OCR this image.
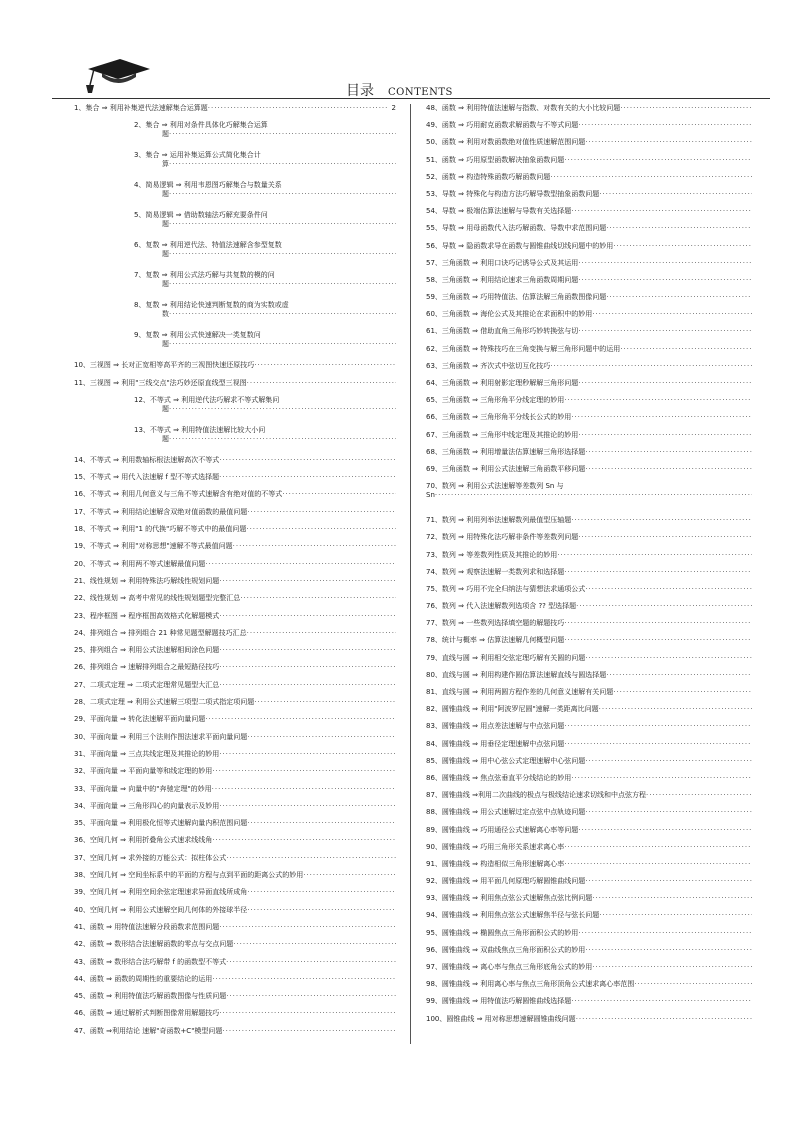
目录 CONTENTS
1、集合 ⇒ 利用补集逆代法速解集合运算题
·····	2
2、集合 ⇒ 利用对条件具体化巧解集合运算
题
·····
3、集合 ⇒ 运用补集运算公式简化集合计
算
·····
4、简易逻辑 ⇒ 利用韦恩图巧解集合与数量关系
题
·····
5、简易逻辑 ⇒ 借助数轴法巧解充要条件问
题
·····
6、复数 ⇒ 利用逆代法、特值法速解含参型复数
题
·····
7、复数 ⇒ 利用公式法巧解与共复数的模的问
题
·····
8、复数 ⇒ 利用结论快速判断复数的商为实数或虚
数
·····
9、复数 ⇒ 利用公式快速解决一类复数问
题
·····
10、三视图 ⇒ 长对正宽相等高平齐的三视图快速还原技巧
·····
11、三视图 ⇒ 利用"三线交点"法巧妙还原直线型三视图
·····
12、不等式 ⇒ 利用逆代法巧解求不等式解集问
题
·····
13、不等式 ⇒ 利用特值法速解比较大小问
题
·····
14、不等式 ⇒ 利用数轴标根法速解高次不等式
·····
15、不等式 ⇒ 用代入法速解 f 型不等式选择题
·····
16、不等式 ⇒ 利用几何意义与三角不等式速解含有绝对值的不等式
·····
17、不等式 ⇒ 利用结论速解含双绝对值函数的最值问题
·····
18、不等式 ⇒ 利用"1 的代换"巧解不等式中的最值问题
·····
19、不等式 ⇒ 利用"对称思想"速解不等式最值问题
·····
20、不等式 ⇒ 利用两不等式速解最值问题
·····
21、线性规划 ⇒ 利用特殊法巧解线性规划问题
·····
22、线性规划 ⇒ 高考中常见的线性规划题型完整汇总
·····
23、程序框图 ⇒ 程序框图高效格式化解题模式
·····
24、排列组合 ⇒ 排列组合 21 种常见题型解题技巧汇总
·····
25、排列组合 ⇒ 利用公式法速解相间涂色问题
·····
26、排列组合 ⇒ 速解排列组合之最短路径技巧
·····
27、二项式定理 ⇒ 二项式定理常见题型大汇总
·····
28、二项式定理 ⇒ 利用公式速解三项型二项式指定项问题
·····
29、平面向量 ⇒ 转化法速解平面向量问题
·····
30、平面向量 ⇒ 利用三个法则作图法速求平面向量问题
·····
31、平面向量 ⇒ 三点共线定理及其推论的妙用
·····
32、平面向量 ⇒ 平面向量等和线定理的妙用
·····
33、平面向量 ⇒ 向量中的"奔驰定理"的妙用
·····
34、平面向量 ⇒ 三角形四心的向量表示及妙用
·····
35、平面向量 ⇒ 利用极化恒等式速解向量内积范围问题
·····
36、空间几何 ⇒ 利用折叠角公式速求线线角
·····
37、空间几何 ⇒ 求外接的万能公式：拟柱体公式
·····
38、空间几何 ⇒ 空间坐标系中的平面的方程与点到平面的距离公式的妙用
·····
39、空间几何 ⇒ 利用空间余弦定理速求异面直线所成角
·····
40、空间几何 ⇒ 利用公式速解空间几何体的外接球半径
·····
41、函数 ⇒ 用特值法速解分段函数求范围问题
·····
42、函数 ⇒ 数形结合法速解函数的零点与交点问题
·····
43、函数 ⇒ 数形结合法巧解带 f 的函数型不等式
·····
44、函数 ⇒ 函数的周期性的重要结论的运用
·····
45、函数 ⇒ 利用特值法巧解函数图像与性质问题
·····
46、函数 ⇒ 通过解析式判断图像常用解题技巧
·····
47、函数 ⇒利用结论 速解"奇函数+C"模型问题
·····
48、函数 ⇒ 利用特值法速解与指数、对数有关的大小比较问题
·····
49、函数 ⇒ 巧用耐克函数求解函数与不等式问题
·····
50、函数 ⇒ 利用对数函数绝对值性质速解范围问题
·····
51、函数 ⇒ 巧用原型函数解决抽象函数问题
·····
52、函数 ⇒ 构造特殊函数巧解函数问题
·····
53、导数 ⇒ 特殊化与构造方法巧解导数型抽象函数问题
·····
54、导数 ⇒ 极端估算法速解与导数有关选择题
·····
55、导数 ⇒ 用母函数代入法巧解函数、导数中求范围问题
·····
56、导数 ⇒ 隐函数求导在函数与圆锥曲线切线问题中的妙用
·····
57、三角函数 ⇒ 利用口诀巧记诱导公式及其运用
·····
58、三角函数 ⇒ 利用结论速求三角函数周期问题
·····
59、三角函数 ⇒ 巧用特值法、估算法解三角函数图像问题
·····
60、三角函数 ⇒ 海伦公式及其推论在求面积中的妙用
·····
61、三角函数 ⇒ 借助直角三角形巧妙转换弦与切
·····
62、三角函数 ⇒ 特殊技巧在三角变换与解三角形问题中的运用
·····
63、三角函数 ⇒ 齐次式中弦切互化技巧
·····
64、三角函数 ⇒ 利用射影定理秒解解三角形问题
·····
65、三角函数 ⇒ 三角形角平分线定理的妙用
·····
66、三角函数 ⇒ 三角形角平分线长公式的妙用
·····
67、三角函数 ⇒ 三角形中线定理及其推论的妙用
·····
68、三角函数 ⇒ 利用增量法估算速解三角形选择题
·····
69、三角函数 ⇒ 利用公式法速解三角函数平移问题
·····
70、数列 ⇒ 利用公式法速解等差数列 Sn 与
Sn
·····
71、数列 ⇒ 利用列举法速解数列最值型压轴题
·····
72、数列 ⇒ 用特殊化法巧解非条件等差数列问题
·····
73、数列 ⇒ 等差数列性质及其推论的妙用
·····
74、数列 ⇒ 观察法速解一类数列求和选择题
·····
75、数列 ⇒ 巧用不完全归纳法与猜想法求通项公式
·····
76、数列 ⇒ 代入法速解数列选项含 ?? 型选择题
·····
77、数列 ⇒ 一些数列选择填空题的解题技巧
·····
78、统计与概率 ⇒ 估算法速解几何概型问题
·····
79、直线与圆 ⇒ 利用相交弦定理巧解有关圆的问题
·····
80、直线与圆 ⇒ 利用构建作圆估算法速解直线与圆选择题
·····
81、直线与圆 ⇒ 利用两圆方程作差的几何意义速解有关问题
·····
82、圆锥曲线 ⇒ 利用"阿波罗尼圆"速解一类距离比问题
·····
83、圆锥曲线 ⇒ 用点差法速解与中点弦问题
·····
84、圆锥曲线 ⇒ 用垂径定理速解中点弦问题
·····
85、圆锥曲线 ⇒ 用中心弦公式定理速解中心弦问题
·····
86、圆锥曲线 ⇒ 焦点弦垂直平分线结论的妙用
·····
87、圆锥曲线 ⇒利用二次曲线的极点与极线结论速求切线和中点弦方程
·····
88、圆锥曲线 ⇒ 用公式速解过定点弦中点轨迹问题
·····
89、圆锥曲线 ⇒ 巧用通径公式速解离心率等问题
·····
90、圆锥曲线 ⇒ 巧用三角形关系速求离心率
·····
91、圆锥曲线 ⇒ 构造相似三角形速解离心率
·····
92、圆锥曲线 ⇒ 用平面几何原理巧解圆锥曲线问题
·····
93、圆锥曲线 ⇒ 利用焦点弦公式速解焦点弦比例问题
·····
94、圆锥曲线 ⇒ 利用焦点弦公式速解焦半径与弦长问题
·····
95、圆锥曲线 ⇒ 椭圆焦点三角形面积公式的妙用
·····
96、圆锥曲线 ⇒ 双曲线焦点三角形面积公式的妙用
·····
97、圆锥曲线 ⇒ 离心率与焦点三角形底角公式的妙用
·····
98、圆锥曲线 ⇒ 利用离心率与焦点三角形顶角公式速求离心率范围
·····
99、圆锥曲线 ⇒ 用特值法巧解圆锥曲线选择题
·····
100、圆锥曲线 ⇒ 用对称思想速解圆锥曲线问题
·····
